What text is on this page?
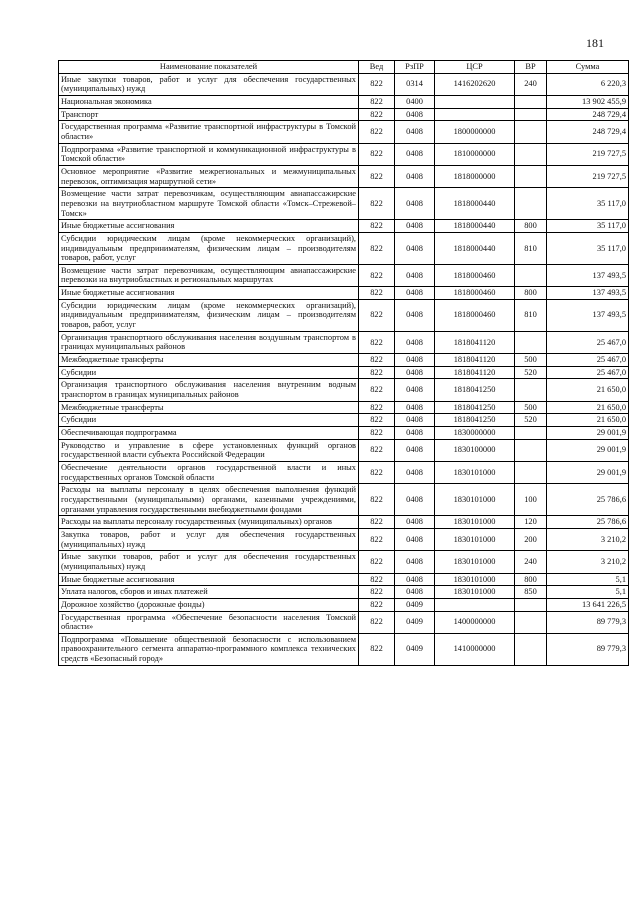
181
Наименование показателей	Вед	РзПР	ЦСР	ВР	Сумма
Иные закупки товаров, работ и услуг для обеспечения государственных (муниципальных) нужд	822	0314	1416202620	240	6 220,3
Национальная экономика	822	0400			13 902 455,9
Транспорт	822	0408			248 729,4
Государственная программа «Развитие транспортной инфраструктуры в Томской области»	822	0408	1800000000		248 729,4
Подпрограмма «Развитие транспортной и коммуникационной инфраструктуры в Томской области»	822	0408	1810000000		219 727,5
Основное мероприятие «Развитие межрегиональных и межмуниципальных перевозок, оптимизация маршрутной сети»	822	0408	1818000000		219 727,5
Возмещение части затрат перевозчикам, осуществляющим авиапассажирские перевозки на внутриобластном маршруте Томской области «Томск–Стрежевой–Томск»	822	0408	1818000440		35 117,0
Иные бюджетные ассигнования	822	0408	1818000440	800	35 117,0
Субсидии юридическим лицам (кроме некоммерческих организаций), индивидуальным предпринимателям, физическим лицам – производителям товаров, работ, услуг	822	0408	1818000440	810	35 117,0
Возмещение части затрат перевозчикам, осуществляющим авиапассажирские перевозки на внутриобластных и региональных маршрутах	822	0408	1818000460		137 493,5
Иные бюджетные ассигнования	822	0408	1818000460	800	137 493,5
Субсидии юридическим лицам (кроме некоммерческих организаций), индивидуальным предпринимателям, физическим лицам – производителям товаров, работ, услуг	822	0408	1818000460	810	137 493,5
Организация транспортного обслуживания населения воздушным транспортом в границах муниципальных районов	822	0408	1818041120		25 467,0
Межбюджетные трансферты	822	0408	1818041120	500	25 467,0
Субсидии	822	0408	1818041120	520	25 467,0
Организация транспортного обслуживания населения внутренним водным транспортом в границах муниципальных районов	822	0408	1818041250		21 650,0
Межбюджетные трансферты	822	0408	1818041250	500	21 650,0
Субсидии	822	0408	1818041250	520	21 650,0
Обеспечивающая подпрограмма	822	0408	1830000000		29 001,9
Руководство и управление в сфере установленных функций органов государственной власти субъекта Российской Федерации	822	0408	1830100000		29 001,9
Обеспечение деятельности органов государственной власти и иных государственных органов Томской области	822	0408	1830101000		29 001,9
Расходы на выплаты персоналу в целях обеспечения выполнения функций государственными (муниципальными) органами, казенными учреждениями, органами управления государственными внебюджетными фондами	822	0408	1830101000	100	25 786,6
Расходы на выплаты персоналу государственных (муниципальных) органов	822	0408	1830101000	120	25 786,6
Закупка товаров, работ и услуг для обеспечения государственных (муниципальных) нужд	822	0408	1830101000	200	3 210,2
Иные закупки товаров, работ и услуг для обеспечения государственных (муниципальных) нужд	822	0408	1830101000	240	3 210,2
Иные бюджетные ассигнования	822	0408	1830101000	800	5,1
Уплата налогов, сборов и иных платежей	822	0408	1830101000	850	5,1
Дорожное хозяйство (дорожные фонды)	822	0409			13 641 226,5
Государственная программа «Обеспечение безопасности населения Томской области»	822	0409	1400000000		89 779,3
Подпрограмма «Повышение общественной безопасности с использованием правоохранительного сегмента аппаратно-программного комплекса технических средств «Безопасный город»	822	0409	1410000000		89 779,3
